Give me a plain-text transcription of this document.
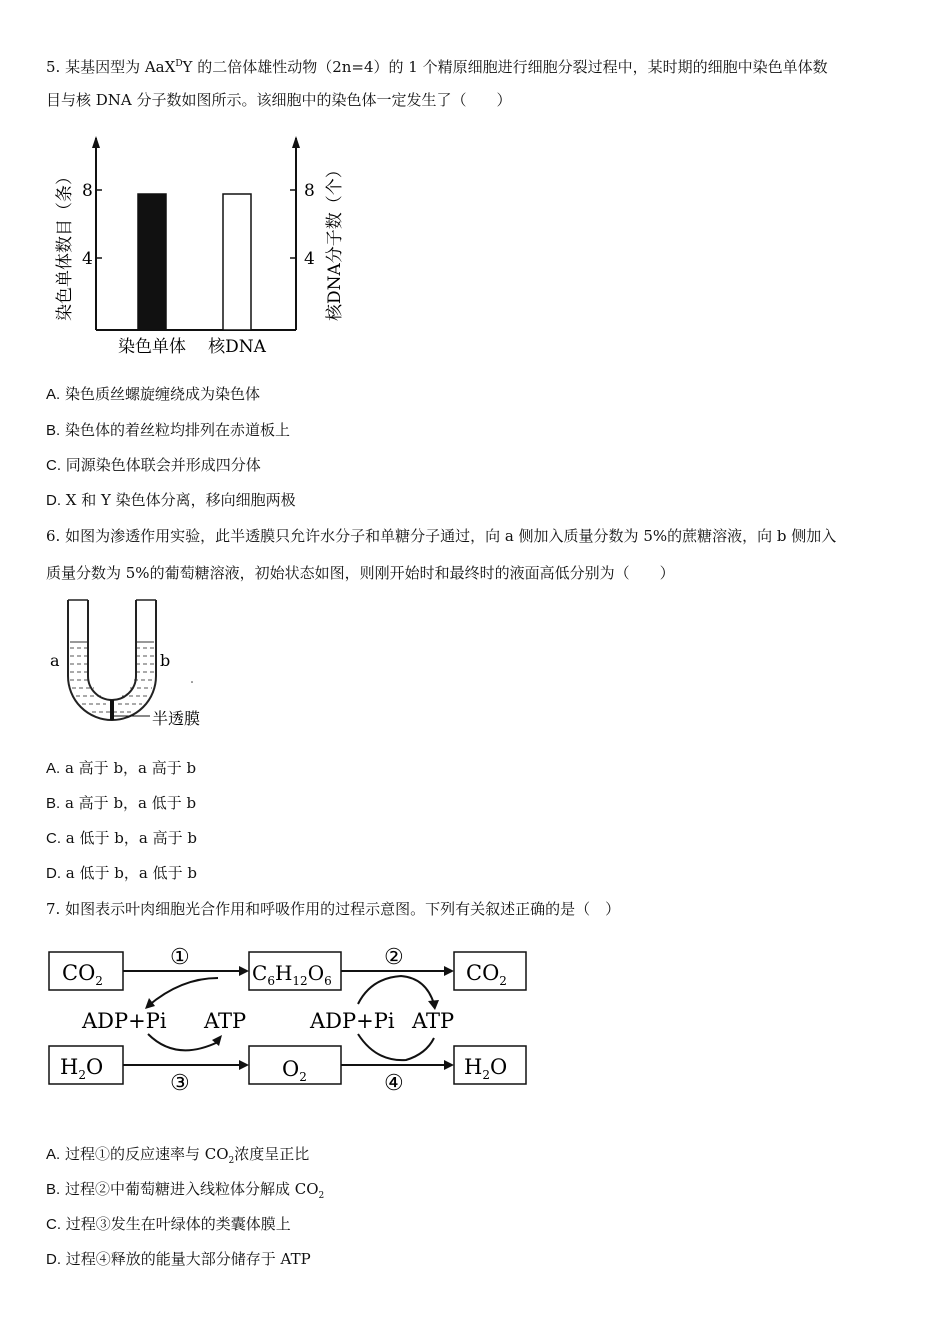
5. 某基因型为 AaX$^D$Y 的二倍体雄性动物（2n=4）的 1 个精原细胞进行细胞分裂过程中，某时期的细胞中染色单体数
目与核 DNA 分子数如图所示。该细胞中的染色体一定发生了（　　）
8
4
8
4
染色单体数目（条）	核DNA分子数（个）
染色单体 核DNA
A. 染色质丝螺旋缠绕成为染色体
B. 染色体的着丝粒均排列在赤道板上
C. 同源染色体联会并形成四分体
D. X 和 Y 染色体分离，移向细胞两极
6. 如图为渗透作用实验，此半透膜只允许水分子和单糖分子通过，向 a 侧加入质量分数为 5%的蔗糖溶液，向 b 侧加入
质量分数为 5%的葡萄糖溶液，初始状态如图，则刚开始时和最终时的液面高低分别为（　　）
a	b
半透膜
A. a 高于 b，a 高于 b
B. a 高于 b，a 低于 b
C. a 低于 b，a 高于 b
D. a 低于 b，a 低于 b
7. 如图表示叶肉细胞光合作用和呼吸作用的过程示意图。下列有关叙述正确的是（　）
$CO_2$	$C_6H_{12}O_6$	$CO_2$
$H_2O$	$O_2$	$H_2O$
①	②
③	④
ADP+Pi ATP	ADP+Pi ATP
A. 过程①的反应速率与 $CO_2$浓度呈正比
B. 过程②中葡萄糖进入线粒体分解成 $CO_2$
C. 过程③发生在叶绿体的类囊体膜上
D. 过程④释放的能量大部分储存于 ATP
